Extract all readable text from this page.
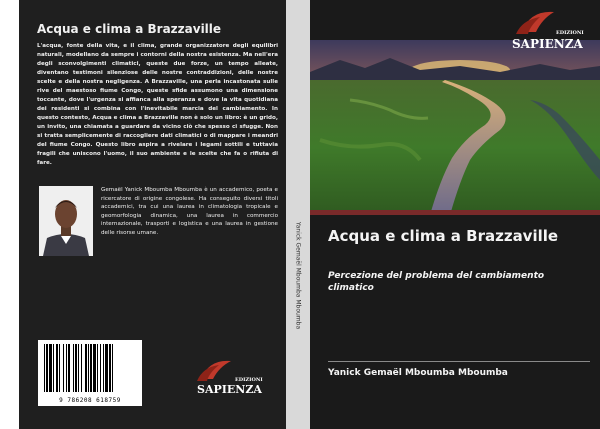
Acqua e clima a Brazzaville

L'acqua, fonte della vita, e il clima, grande organizzatore degli equilibri naturali, modellano da sempre i contorni della nostra esistenza. Ma nell'era degli sconvolgimenti climatici, queste due forze, un tempo alleate, diventano testimoni silenziose delle nostre contraddizioni, delle nostre scelte e della nostra negligenza. A Brazzaville, una perla incastonata sulle rive del maestoso fiume Congo, queste sfide assumono una dimensione toccante, dove l'urgenza si affianca alla speranza e dove la vita quotidiana dei residenti si combina con l'inevitabile marcia del cambiamento. In questo contesto, Acqua e clima a Brazzaville non è solo un libro: è un grido, un invito, una chiamata a guardare da vicino ciò che spesso ci sfugge. Non si tratta semplicemente di raccogliere dati climatici o di mappare i meandri del fiume Congo. Questo libro aspira a rivelare i legami sottili e tuttavia fragili che uniscono l'uomo, il suo ambiente e le scelte che fa o rifiuta di fare.

Gemaël Yanick Mboumba Mboumba è un accademico, poeta e ricercatore di origine congolese. Ha conseguito diversi titoli accademici, tra cui una laurea in climatologia tropicale e geomorfologia dinamica, una laurea in commercio internazionale, trasporti e logistica e una laurea in gestione delle risorse umane.

9 786208 618759
EDIZIONI
SAPIENZA
Yanick Gemaël Mboumba Mboumba
EDIZIONI
SAPIENZA
Acqua e clima a Brazzaville

Percezione del problema del cambiamento climatico

Yanick Gemaël Mboumba Mboumba
